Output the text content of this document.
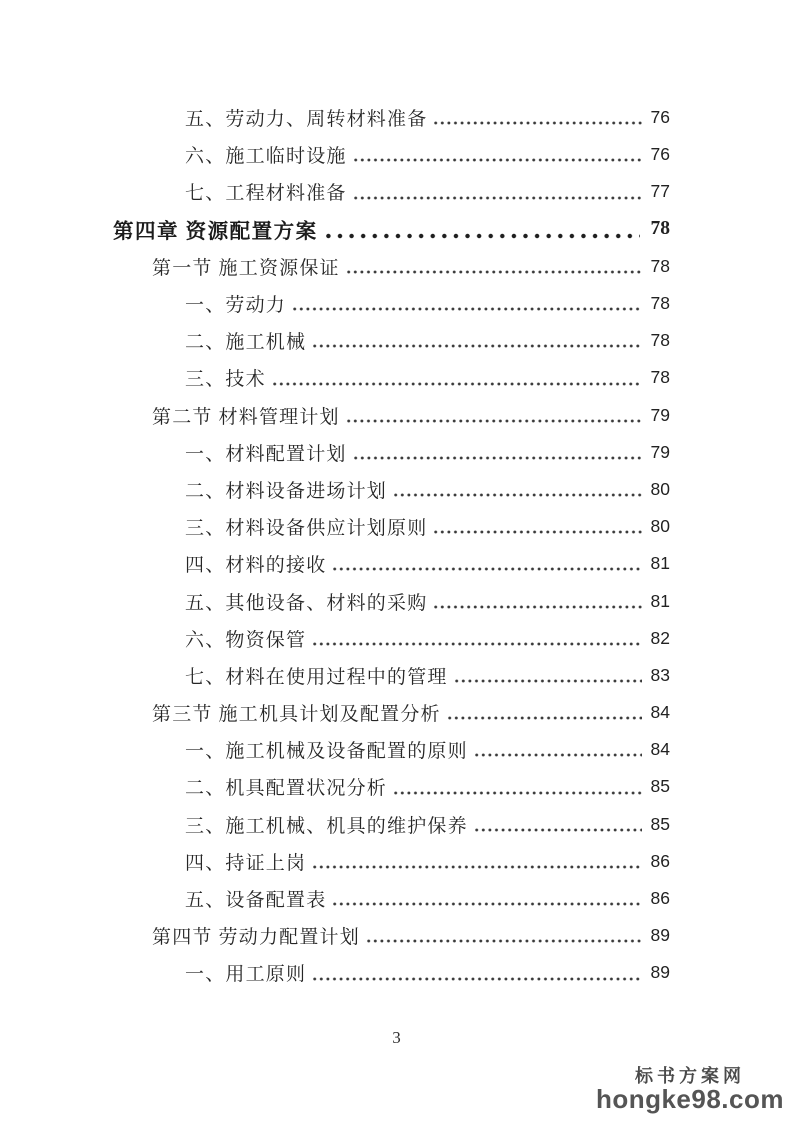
五、劳动力、周转材料准备	76
六、施工临时设施	76
七、工程材料准备	77
第四章 资源配置方案	78
第一节 施工资源保证	78
一、劳动力	78
二、施工机械	78
三、技术	78
第二节 材料管理计划	79
一、材料配置计划	79
二、材料设备进场计划	80
三、材料设备供应计划原则	80
四、材料的接收	81
五、其他设备、材料的采购	81
六、物资保管	82
七、材料在使用过程中的管理	83
第三节 施工机具计划及配置分析	84
一、施工机械及设备配置的原则	84
二、机具配置状况分析	85
三、施工机械、机具的维护保养	85
四、持证上岗	86
五、设备配置表	86
第四节 劳动力配置计划	89
一、用工原则	89
3
标书方案网
hongke98.com
